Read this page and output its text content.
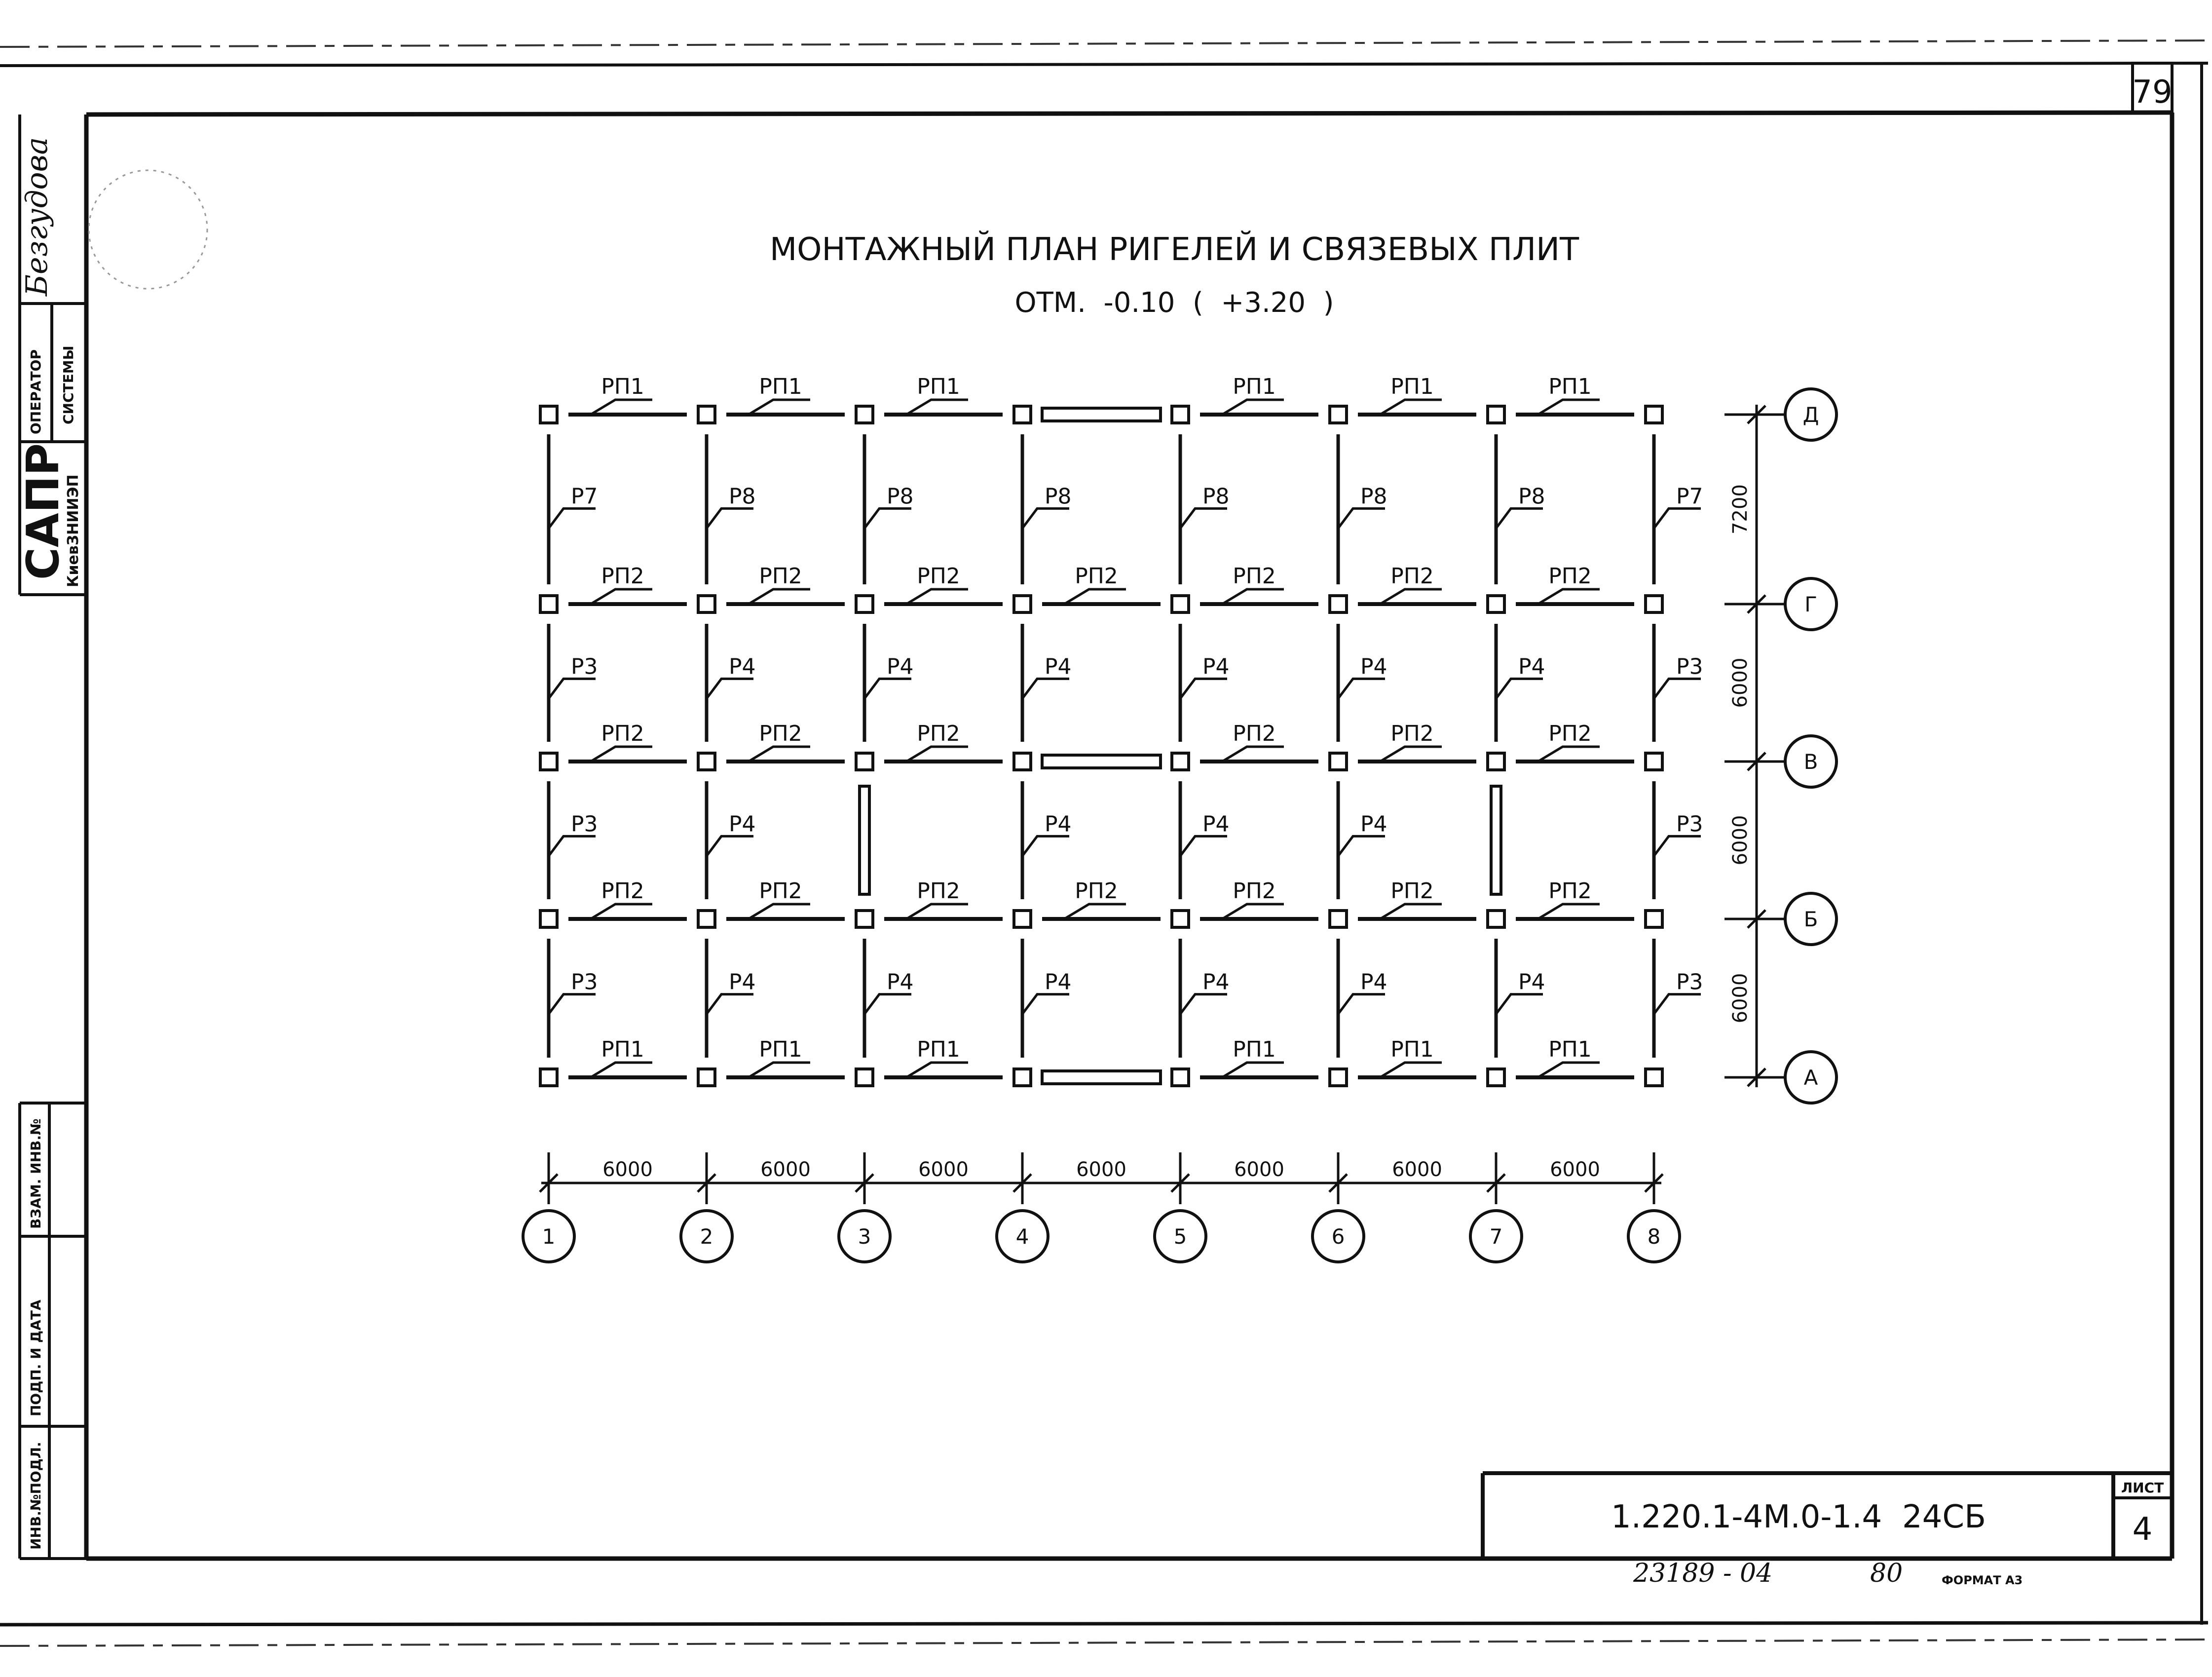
79
Безгудова
ОПЕРАТОР СИСТЕМЫ
САПР
КиевЗНИИЭП
ВЗАМ. ИНВ.№
ПОДП. И ДАТА
ИНВ.№ПОДЛ.
МОНТАЖНЫЙ ПЛАН РИГЕЛЕЙ И СВЯЗЕВЫХ ПЛИТ
ОТМ.  -0.10  (  +3.20  )
РП1	РП1	РП1	РП1	РП1	РП1
РП2	РП2	РП2	РП2	РП2	РП2	РП2
РП2	РП2	РП2	РП2	РП2	РП2
РП2	РП2	РП2	РП2	РП2	РП2	РП2
РП1	РП1	РП1	РП1	РП1	РП1
Р7	Р8	Р8	Р8	Р8	Р8	Р8	Р7
Р3	Р4	Р4	Р4	Р4	Р4	Р4	Р3
Р3	Р4	Р4	Р4	Р4	Р3
Р3	Р4	Р4	Р4	Р4	Р4	Р4	Р3
7200
6000
6000
6000
Д
Г
В
Б
А
6000	6000	6000	6000	6000	6000	6000
1	2	3	4	5	6	7	8
1.220.1-4М.0-1.4  24СБ
ЛИСТ
4
23189 - 04	80	ФОРМАТ А3
